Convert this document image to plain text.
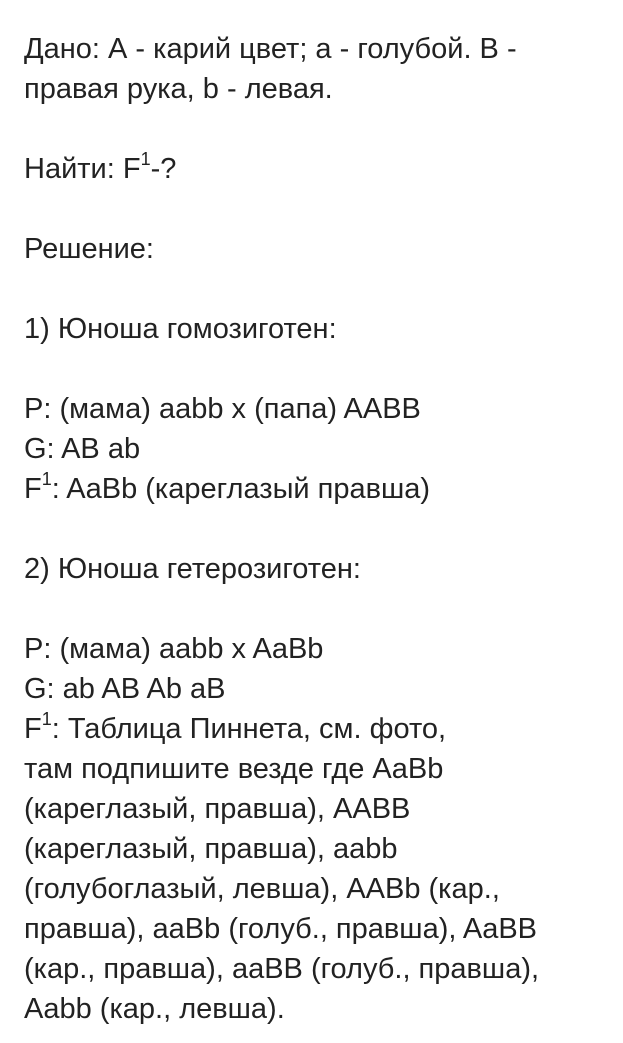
Дано: А - карий цвет; а - голубой. В -
правая рука, b - левая.
Найти: $F^1-$?
Решение:
1) Юноша гомозиготен:
P: (мама) aabb x (папа) AABB
G: AB ab
$F^1$: AaBb (кареглазый правша)
2) Юноша гетерозиготен:
P: (мама) aabb x AaBb
G: ab AB Ab aB
$F^1$: Таблица Пиннета, см. фото,
там подпишите везде где AaBb
(кареглазый, правша), AABB
(кареглазый, правша), aabb
(голубоглазый, левша), AABb (кар.,
правша), aaBb (голуб., правша), AaBB
(кар., правша), aaBB (голуб., правша),
Aabb (кар., левша).
